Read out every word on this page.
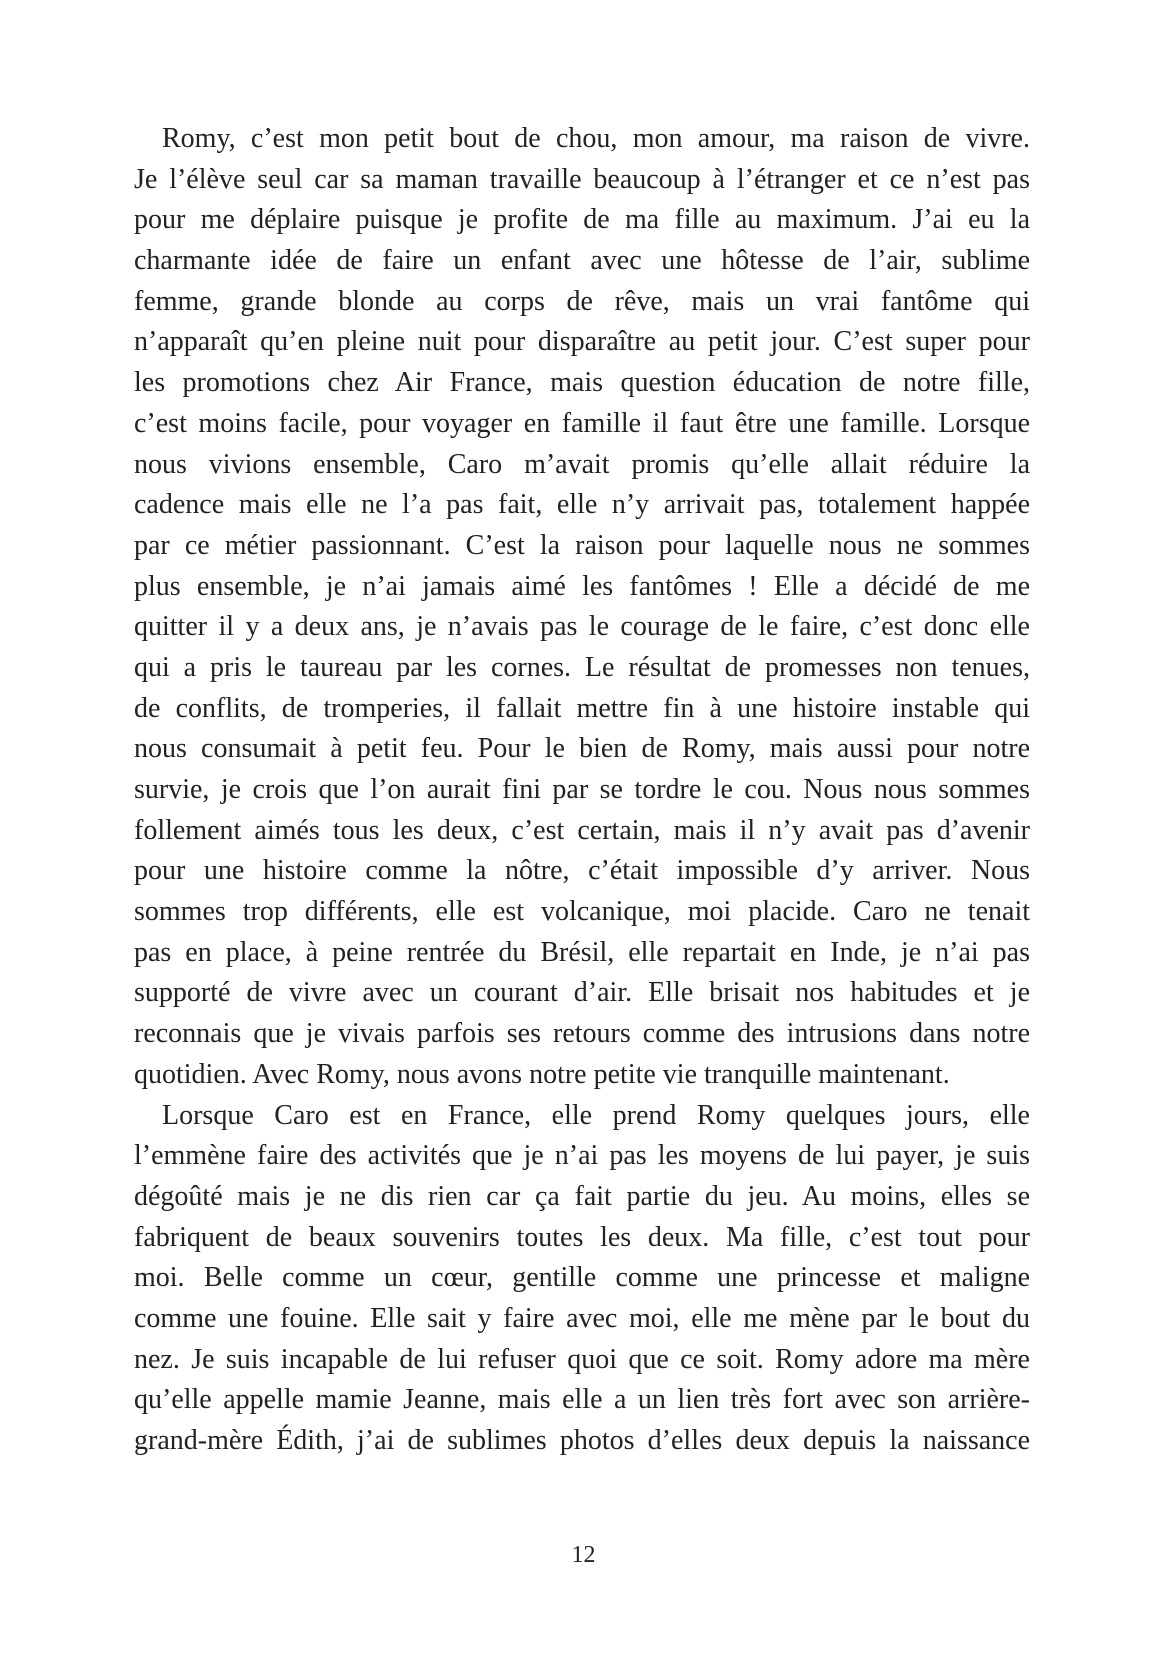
Romy, c’est mon petit bout de chou, mon amour, ma raison de vivre.
Je l’élève seul car sa maman travaille beaucoup à l’étranger et ce n’est pas
pour me déplaire puisque je profite de ma fille au maximum. J’ai eu la
charmante idée de faire un enfant avec une hôtesse de l’air, sublime
femme, grande blonde au corps de rêve, mais un vrai fantôme qui
n’apparaît qu’en pleine nuit pour disparaître au petit jour. C’est super pour
les promotions chez Air France, mais question éducation de notre fille,
c’est moins facile, pour voyager en famille il faut être une famille. Lorsque
nous vivions ensemble, Caro m’avait promis qu’elle allait réduire la
cadence mais elle ne l’a pas fait, elle n’y arrivait pas, totalement happée
par ce métier passionnant. C’est la raison pour laquelle nous ne sommes
plus ensemble, je n’ai jamais aimé les fantômes ! Elle a décidé de me
quitter il y a deux ans, je n’avais pas le courage de le faire, c’est donc elle
qui a pris le taureau par les cornes. Le résultat de promesses non tenues,
de conflits, de tromperies, il fallait mettre fin à une histoire instable qui
nous consumait à petit feu. Pour le bien de Romy, mais aussi pour notre
survie, je crois que l’on aurait fini par se tordre le cou. Nous nous sommes
follement aimés tous les deux, c’est certain, mais il n’y avait pas d’avenir
pour une histoire comme la nôtre, c’était impossible d’y arriver. Nous
sommes trop différents, elle est volcanique, moi placide. Caro ne tenait
pas en place, à peine rentrée du Brésil, elle repartait en Inde, je n’ai pas
supporté de vivre avec un courant d’air. Elle brisait nos habitudes et je
reconnais que je vivais parfois ses retours comme des intrusions dans notre
quotidien. Avec Romy, nous avons notre petite vie tranquille maintenant.
Lorsque Caro est en France, elle prend Romy quelques jours, elle
l’emmène faire des activités que je n’ai pas les moyens de lui payer, je suis
dégoûté mais je ne dis rien car ça fait partie du jeu. Au moins, elles se
fabriquent de beaux souvenirs toutes les deux. Ma fille, c’est tout pour
moi. Belle comme un cœur, gentille comme une princesse et maligne
comme une fouine. Elle sait y faire avec moi, elle me mène par le bout du
nez. Je suis incapable de lui refuser quoi que ce soit. Romy adore ma mère
qu’elle appelle mamie Jeanne, mais elle a un lien très fort avec son arrière-
grand-mère Édith, j’ai de sublimes photos d’elles deux depuis la naissance
12
